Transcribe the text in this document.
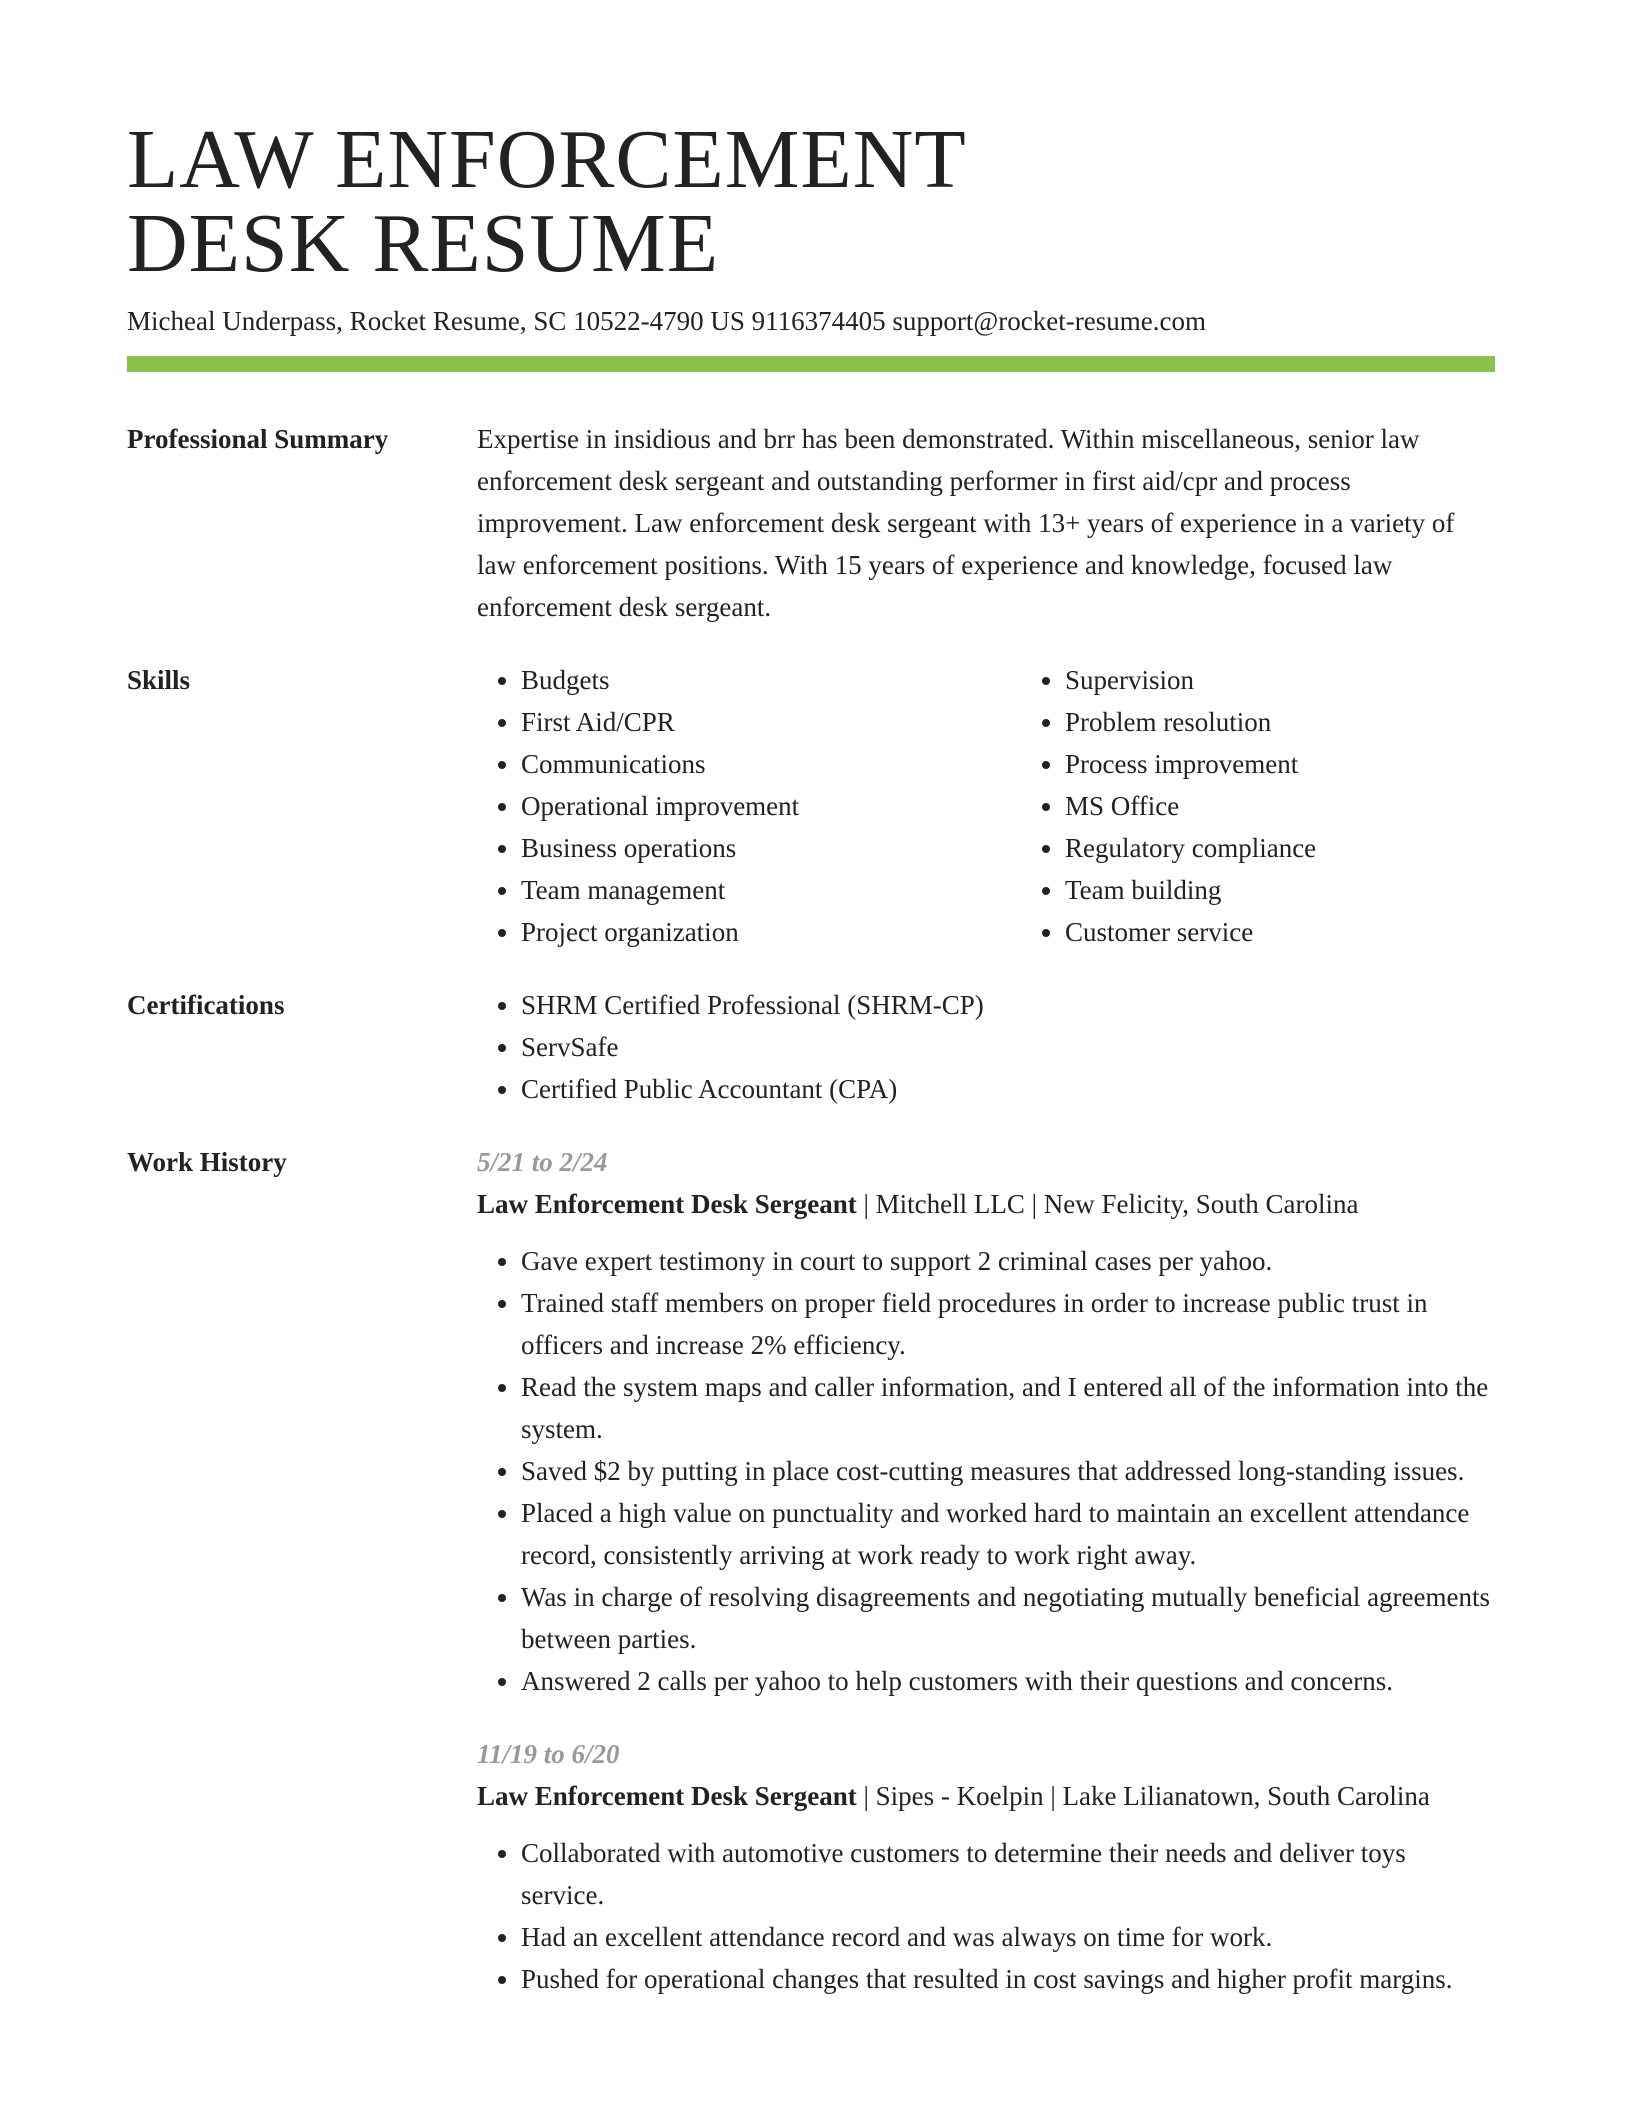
LAW ENFORCEMENT
DESK RESUME
Micheal Underpass, Rocket Resume, SC 10522-4790 US 9116374405 support@rocket-resume.com
Professional Summary	Expertise in insidious and brr has been demonstrated. Within miscellaneous, senior law enforcement desk sergeant and outstanding performer in first aid/cpr and process improvement. Law enforcement desk sergeant with 13+ years of experience in a variety of law enforcement positions. With 15 years of experience and knowledge, focused law enforcement desk sergeant.

Skills	• Budgets
• First Aid/CPR
• Communications
• Operational improvement
• Business operations
• Team management
• Project organization
• Supervision
• Problem resolution
• Process improvement
• MS Office
• Regulatory compliance
• Team building
• Customer service
Certifications	• SHRM Certified Professional (SHRM-CP)
• ServSafe
• Certified Public Accountant (CPA)
Work History	5/21 to 2/24
Law Enforcement Desk Sergeant | Mitchell LLC | New Felicity, South Carolina
• Gave expert testimony in court to support 2 criminal cases per yahoo.
• Trained staff members on proper field procedures in order to increase public trust in officers and increase 2% efficiency.
• Read the system maps and caller information, and I entered all of the information into the system.
• Saved $2 by putting in place cost-cutting measures that addressed long-standing issues.
• Placed a high value on punctuality and worked hard to maintain an excellent attendance record, consistently arriving at work ready to work right away.
• Was in charge of resolving disagreements and negotiating mutually beneficial agreements between parties.
• Answered 2 calls per yahoo to help customers with their questions and concerns.
11/19 to 6/20
Law Enforcement Desk Sergeant | Sipes - Koelpin | Lake Lilianatown, South Carolina
• Collaborated with automotive customers to determine their needs and deliver toys service.
• Had an excellent attendance record and was always on time for work.
• Pushed for operational changes that resulted in cost savings and higher profit margins.
